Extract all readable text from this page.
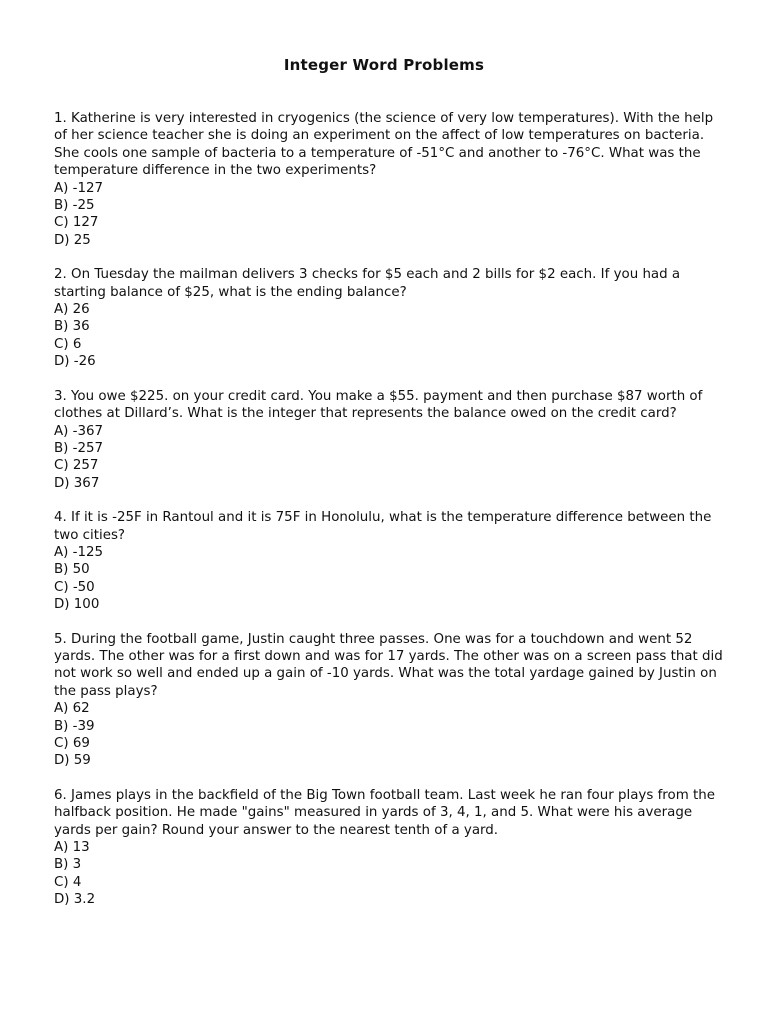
Integer Word Problems

1. Katherine is very interested in cryogenics (the science of very low temperatures). With the help of her science teacher she is doing an experiment on the affect of low temperatures on bacteria. She cools one sample of bacteria to a temperature of -51°C and another to -76°C. What was the temperature difference in the two experiments?

A) -127
B) -25
C) 127
D) 25

2. On Tuesday the mailman delivers 3 checks for $5 each and 2 bills for $2 each. If you had a starting balance of $25, what is the ending balance?

A) 26
B) 36
C) 6
D) -26

3. You owe $225. on your credit card. You make a $55. payment and then purchase $87 worth of clothes at Dillard’s. What is the integer that represents the balance owed on the credit card?

A) -367
B) -257
C) 257
D) 367

4. If it is -25F in Rantoul and it is 75F in Honolulu, what is the temperature difference between the two cities?

A) -125
B) 50
C) -50
D) 100

5. During the football game, Justin caught three passes. One was for a touchdown and went 52 yards. The other was for a first down and was for 17 yards. The other was on a screen pass that did not work so well and ended up a gain of -10 yards. What was the total yardage gained by Justin on the pass plays?

A) 62
B) -39
C) 69
D) 59

6. James plays in the backfield of the Big Town football team. Last week he ran four plays from the halfback position. He made "gains" measured in yards of 3, 4, 1, and 5. What were his average yards per gain? Round your answer to the nearest tenth of a yard.

A) 13
B) 3
C) 4
D) 3.2
